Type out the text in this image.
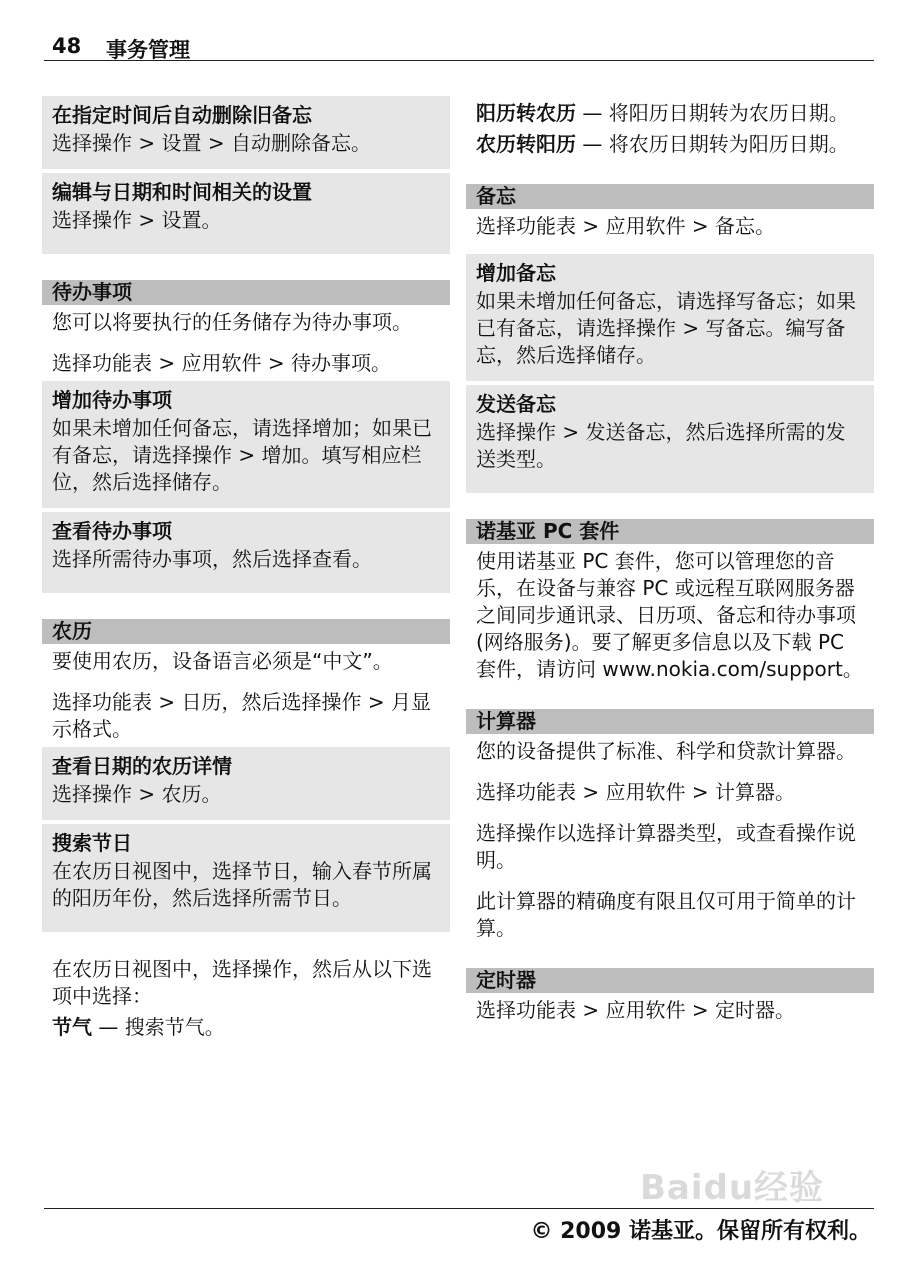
48 事务管理
在指定时间后自动删除旧备忘
选择操作 > 设置 > 自动删除备忘。
编辑与日期和时间相关的设置
选择操作 > 设置。
待办事项
您可以将要执行的任务储存为待办事项。
选择功能表 > 应用软件 > 待办事项。
增加待办事项
如果未增加任何备忘，请选择增加；如果已有备忘，请选择操作 > 增加。填写相应栏位，然后选择储存。
查看待办事项
选择所需待办事项，然后选择查看。
农历
要使用农历，设备语言必须是“中文”。
选择功能表 > 日历，然后选择操作 > 月显示格式。
查看日期的农历详情
选择操作 > 农历。
搜索节日
在农历日视图中，选择节日，输入春节所属的阳历年份，然后选择所需节日。
在农历日视图中，选择操作，然后从以下选项中选择：
节气 — 搜索节气。
阳历转农历 — 将阳历日期转为农历日期。
农历转阳历 — 将农历日期转为阳历日期。
备忘
选择功能表 > 应用软件 > 备忘。
增加备忘
如果未增加任何备忘，请选择写备忘；如果已有备忘，请选择操作 > 写备忘。编写备忘，然后选择储存。
发送备忘
选择操作 > 发送备忘，然后选择所需的发送类型。
诺基亚 PC 套件
使用诺基亚 PC 套件，您可以管理您的音乐，在设备与兼容 PC 或远程互联网服务器之间同步通讯录、日历项、备忘和待办事项 (网络服务)。要了解更多信息以及下载 PC 套件，请访问 www.nokia.com/support。
计算器
您的设备提供了标准、科学和贷款计算器。
选择功能表 > 应用软件 > 计算器。
选择操作以选择计算器类型，或查看操作说明。
此计算器的精确度有限且仅可用于简单的计算。
定时器
选择功能表 > 应用软件 > 定时器。
Baidu经验
© 2009 诺基亚。保留所有权利。
